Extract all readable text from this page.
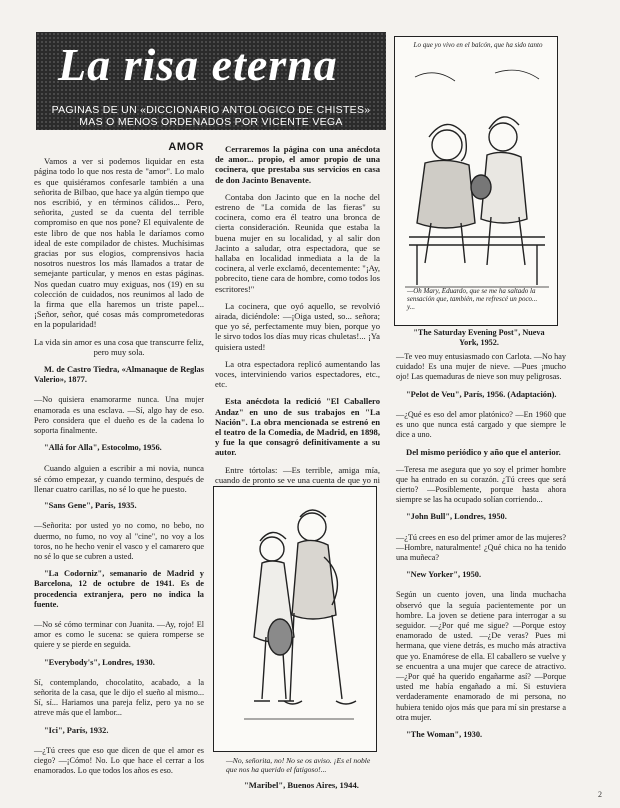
La risa eterna
PAGINAS DE UN «DICCIONARIO ANTOLOGICO DE CHISTES»
MAS O MENOS ORDENADOS POR VICENTE VEGA
AMOR

Vamos a ver si podemos liquidar en esta página todo lo que nos resta de "amor". Lo malo es que quisiéramos confesarle también a una señorita de Bilbao, que hace ya algún tiempo que nos escribió, y en términos cálidos... Pero, señorita, ¿usted se da cuenta del terrible compromiso en que nos pone? El equivalente de este libro de que nos habla le daríamos como ideal de este compilador de chistes. Muchísimas gracias por sus elogios, comprensivos hacia nosotros nuestros los más llamados a tratar de semejante particular, y menos en estas páginas. Nos quedan cuatro muy exiguas, nos (19) en su colección de cuidados, nos reunimos al lado de la firma que ella haremos un triste papel... ¡Señor, señor, qué cosas más comprometedoras en la popularidad!

La vida sin amor es una cosa que transcurre feliz, pero muy sola.

M. de Castro Tiedra, «Almanaque de Reglas Valerio», 1877.

—No quisiera enamorarme nunca. Una mujer enamorada es una esclava. —Sí, algo hay de eso. Pero considera que el dueño es de la cadena lo soporta finalmente.

"Allá for Alla", Estocolmo, 1956.

Cuando alguien a escribir a mi novia, nunca sé cómo empezar, y cuando termino, después de llenar cuatro carillas, no sé lo que he puesto.

"Sans Gene", París, 1935.

—Señorita: por usted yo no como, no bebo, no duermo, no fumo, no voy al "cine", no voy a los toros, no he hecho venir el vasco y el camarero que no sé lo que se cubren a usted.

"La Codorniz", semanario de Madrid y Barcelona, 12 de octubre de 1941. Es de procedencia extranjera, pero no indica la fuente.

—No sé cómo terminar con Juanita. —Ay, rojo! El amor es como le sucena: se quiera romperse se quiere y se pierde en seguida.

"Everybody's", Londres, 1930.

Sí, contemplando, chocolatito, acabado, a la señorita de la casa, que le dijo el sueño al mismo... Sí, sí... Hariamos una pareja feliz, pero ya no se atreve más que el lambor...

"Ici", París, 1932.

—¿Tú crees que eso que dicen de que el amor es ciego? —¡Cómo! No. Lo que hace el cerrar a los enamorados. Lo que todos los años es eso.

Cerraremos la página con una anécdota de amor... propio, el amor propio de una cocinera, que prestaba sus servicios en casa de don Jacinto Benavente.

Contaba don Jacinto que en la noche del estreno de "La comida de las fieras" su cocinera, como era él teatro una bronca de cierta consideración. Reunida que estaba la buena mujer en su localidad, y al salir don Jacinto a saludar, otra espectadora, que se hallaba en localidad inmediata a la de la cocinera, al verle exclamó, decentemente: "¡Ay, pobrecito, tiene cara de hombre, como todos los escritores!"

La cocinera, que oyó aquello, se revolvió airada, diciéndole: —¡Oiga usted, so... señora; que yo sé, perfectamente muy bien, porque yo le sirvo todos los días muy ricas chuletas!... ¡Ya quisiera usted!

La otra espectadora replicó aumentando las voces, interviniendo varios espectadores, etc., etc.

Esta anécdota la redició "El Caballero Andaz" en uno de sus trabajos en "La Nación". La obra mencionada se estrenó en el teatro de la Comedia, de Madrid, en 1898, y fue la que consagró definitivamente a su autor.

Entre tórtolas: —Es terrible, amiga mía, cuando de pronto se ve una cuenta de que yo ni

—No, señorita, no! No se os aviso. ¡Es el noble que nos ha querido el fatigoso!...
"Maribel", Buenos Aires, 1944.
Lo que yo vivo en el balcón, que ha sido tanto
—Oh Mary, Eduardo, que se me ha saltado la sensación que, también, me refrescé un poco... y...
"The Saturday Evening Post", Nueva York, 1952.

—Te veo muy entusiasmado con Carlota. —No hay cuidado! Es una mujer de nieve. —Pues ¡mucho ojo! Las quemaduras de nieve son muy peligrosas.

"Pelot de Veu", París, 1956. (Adaptación).

—¿Qué es eso del amor platónico? —En 1960 que es uno que nunca está cargado y que siempre le dice a uno.

Del mismo periódico y año que el anterior.

—Teresa me asegura que yo soy el primer hombre que ha entrado en su corazón. ¿Tú crees que será cierto? —Posiblemente, porque hasta ahora siempre se las ha ocupado solían corriendo...

"John Bull", Londres, 1950.

—¿Tú crees en eso del primer amor de las mujeres? —Hombre, naturalmente! ¿Qué chica no ha tenido una muñeca?

"New Yorker", 1950.

Según un cuento joven, una linda muchacha observó que la seguía pacientemente por un hombre. La joven se detiene para interrogar a su seguidor. —¿Por qué me sigue? —Porque estoy enamorado de usted. —¿De veras? Pues mi hermana, que viene detrás, es mucho más atractiva que yo. Enamórese de ella. El caballero se vuelve y se encuentra a una mujer que carece de atractivo. —¿Por qué ha querido engañarme así? —Porque usted me había engañado a mí. Si estuviera verdaderamente enamorado de mi persona, no hubiera tenido ojos más que para mí sin prestarse a otra mujer.

"The Woman", 1930.

2
